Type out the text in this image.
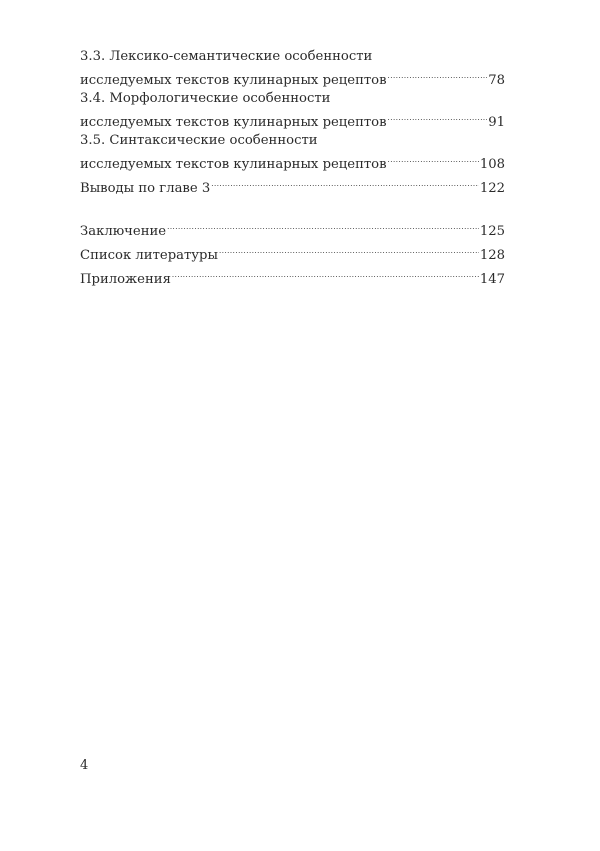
3.3. Лексико-семантические особенности
исследуемых текстов кулинарных рецептов .....	78
3.4. Морфологические особенности
исследуемых текстов кулинарных рецептов .....	91
3.5. Синтаксические особенности
исследуемых текстов кулинарных рецептов .....	108
Выводы по главе 3 .....	122
Заключение .....	125
Список литературы .....	128
Приложения .....	147
4
